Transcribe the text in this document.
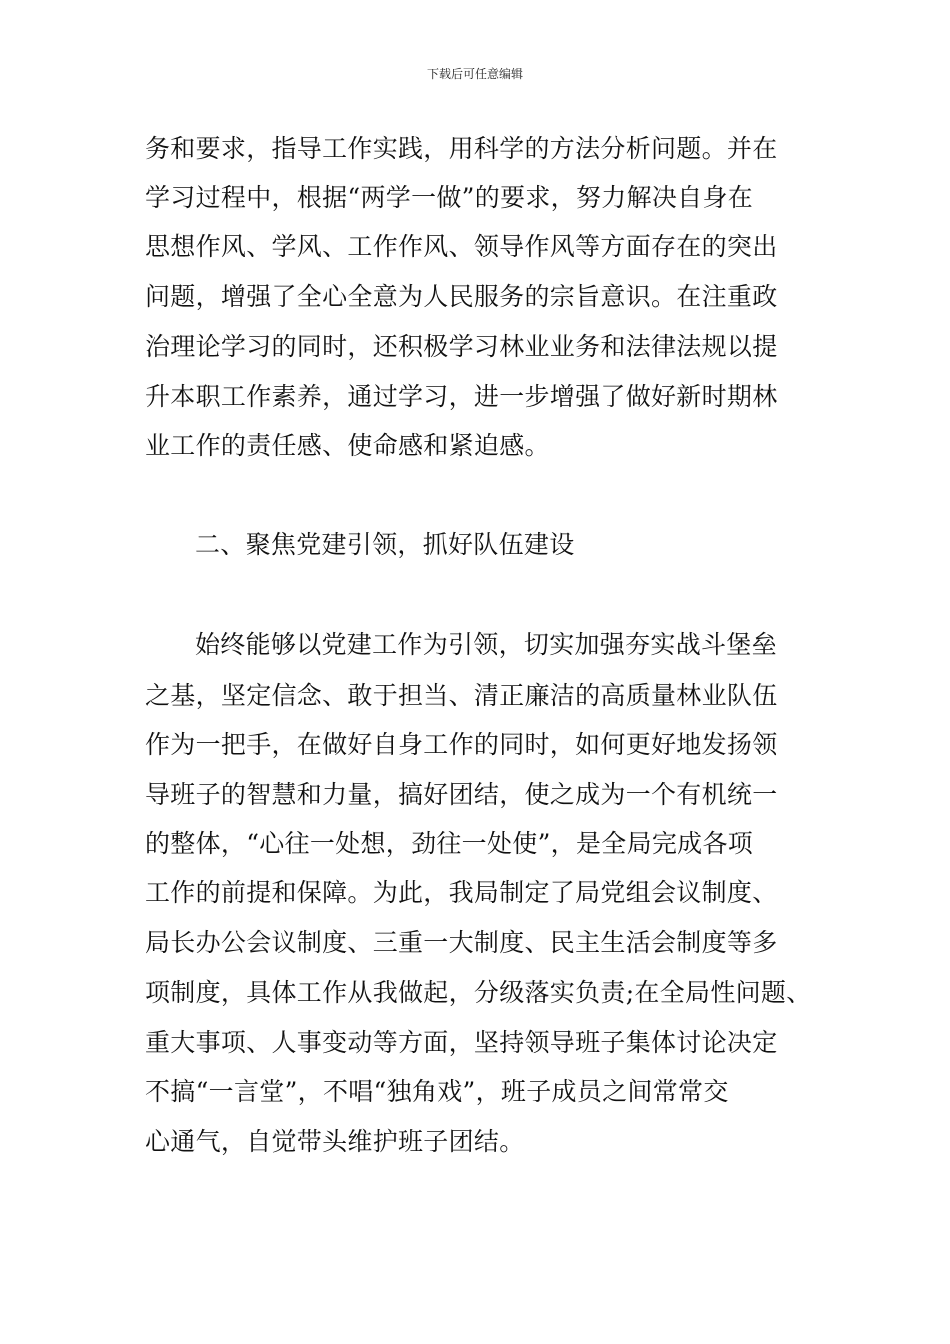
下载后可任意编辑
务和要求，指导工作实践，用科学的方法分析问题。并在
学习过程中，根据“两学一做”的要求，努力解决自身在
思想作风、学风、工作作风、领导作风等方面存在的突出
问题，增强了全心全意为人民服务的宗旨意识。在注重政
治理论学习的同时，还积极学习林业业务和法律法规以提
升本职工作素养，通过学习，进一步增强了做好新时期林
业工作的责任感、使命感和紧迫感。
二、聚焦党建引领，抓好队伍建设
始终能够以党建工作为引领，切实加强夯实战斗堡垒
之基，坚定信念、敢于担当、清正廉洁的高质量林业队伍
作为一把手，在做好自身工作的同时，如何更好地发扬领
导班子的智慧和力量，搞好团结，使之成为一个有机统一
的整体，“心往一处想，劲往一处使”，是全局完成各项
工作的前提和保障。为此，我局制定了局党组会议制度、
局长办公会议制度、三重一大制度、民主生活会制度等多
项制度，具体工作从我做起，分级落实负责;在全局性问题、
重大事项、人事变动等方面，坚持领导班子集体讨论决定
不搞“一言堂”，不唱“独角戏”，班子成员之间常常交
心通气，自觉带头维护班子团结。
